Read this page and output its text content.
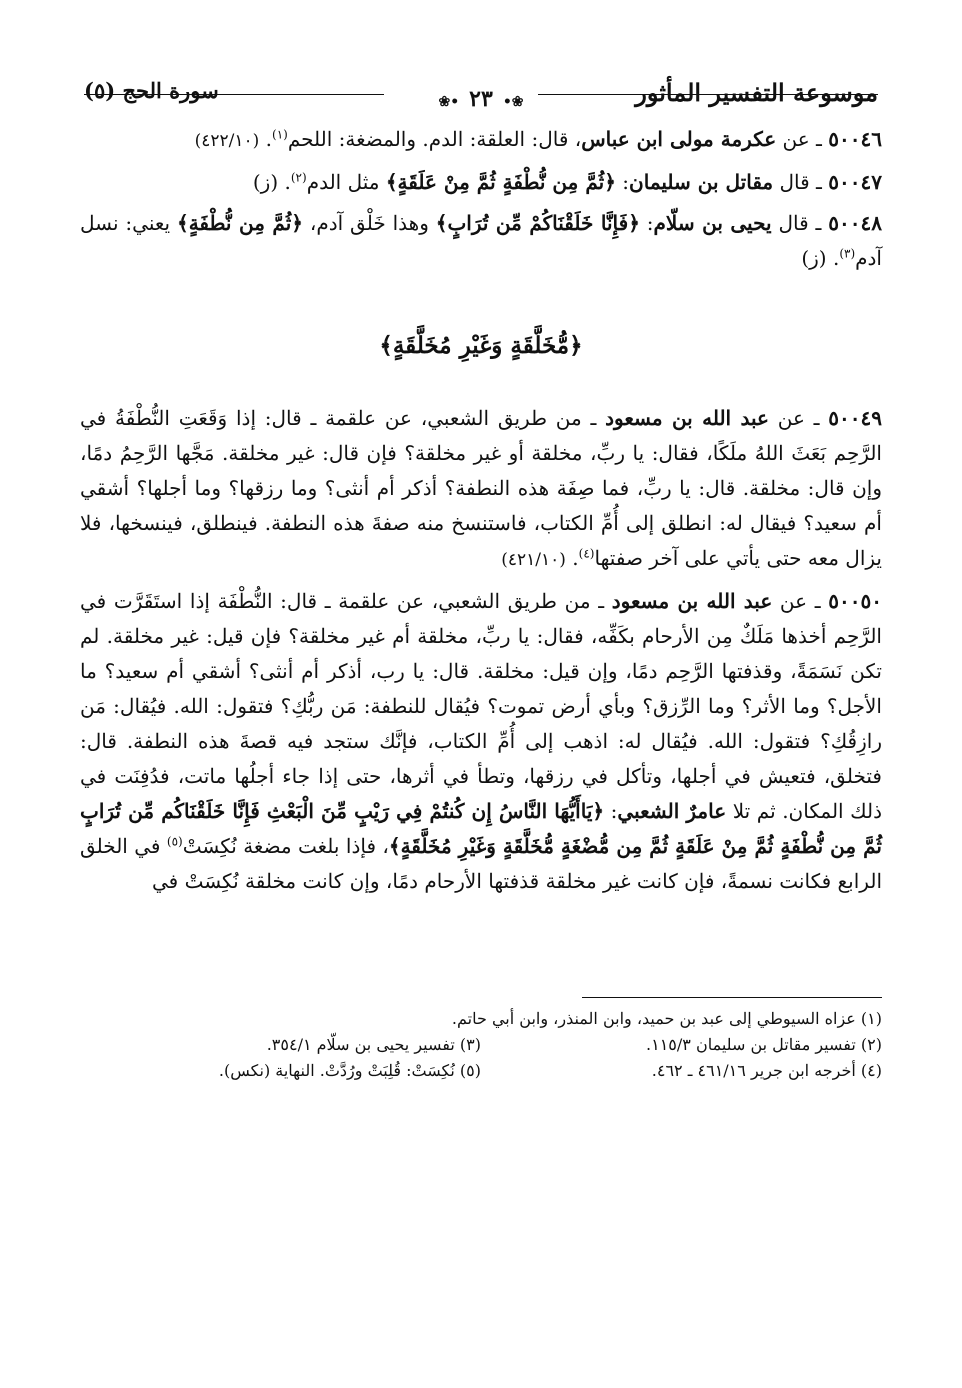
موسوعة التفسير المأثور
❀• ٢٣ •❀
سورة الحج (٥)

٥٠٠٤٦ ـ عن عكرمة مولى ابن عباس، قال: العلقة: الدم. والمضغة: اللحم$^{(١)}$. (٤٢٢/١٠)

٥٠٠٤٧ ـ قال مقاتل بن سليمان: ﴿ثُمَّ مِن نُّطْفَةٍ ثُمَّ مِنْ عَلَقَةٍ﴾ مثل الدم$^{(٢)}$. (ز)

٥٠٠٤٨ ـ قال يحيى بن سلّام: ﴿فَإِنَّا خَلَقْنَاكُمْ مِّن تُرَابٍ﴾ وهذا خَلْق آدم، ﴿ثُمَّ مِن نُّطْفَةٍ﴾ يعني: نسل آدم$^{(٣)}$. (ز)

﴿مُّخَلَّقَةٍ وَغَيْرِ مُخَلَّقَةٍ﴾

٥٠٠٤٩ ـ عن عبد الله بن مسعود ـ من طريق الشعبي، عن علقمة ـ قال: إذا وَقَعَتِ النُّطْفَةُ في الرَّحِم بَعَثَ اللهُ ملَكًا، فقال: يا ربِّ، مخلقة أو غير مخلقة؟ فإن قال: غير مخلقة. مَجَّها الرَّحِمُ دمًا، وإن قال: مخلقة. قال: يا ربِّ، فما صِفَة هذه النطفة؟ أذكر أم أنثى؟ وما رزقها؟ وما أجلها؟ أشقي أم سعيد؟ فيقال له: انطلق إلى أُمِّ الكتاب، فاستنسخ منه صفةَ هذه النطفة. فينطلق، فينسخها، فلا يزال معه حتى يأتي على آخر صفتها$^{(٤)}$. (٤٢١/١٠)

٥٠٠٥٠ ـ عن عبد الله بن مسعود ـ من طريق الشعبي، عن علقمة ـ قال: النُّطْفَة إذا استَقَرَّت في الرَّحِم أخذها مَلَكٌ مِن الأرحام بكَفِّه، فقال: يا ربِّ، مخلقة أم غير مخلقة؟ فإن قيل: غير مخلقة. لم تكن نَسَمَةً، وقذفتها الرَّحِم دمًا، وإن قيل: مخلقة. قال: يا رب، أذكر أم أنثى؟ أشقي أم سعيد؟ ما الأجل؟ وما الأثر؟ وما الرِّزق؟ وبأي أرض تموت؟ فيُقال للنطفة: مَن ربُّكِ؟ فتقول: الله. فيُقال: مَن رازِقُكِ؟ فتقول: الله. فيُقال له: اذهب إلى أُمِّ الكتاب، فإنَّك ستجد فيه قصةَ هذه النطفة. قال: فتخلق، فتعيش في أجلها، وتأكل في رزقها، وتطأ في أثرها، حتى إذا جاء أجلُها ماتت، فدُفِنَت في ذلك المكان. ثم تلا عامرٌ الشعبي: ﴿يَاأَيُّهَا النَّاسُ إِن كُنتُمْ فِي رَيْبٍ مِّنَ الْبَعْثِ فَإِنَّا خَلَقْنَاكُم مِّن تُرَابٍ ثُمَّ مِن نُّطْفَةٍ ثُمَّ مِنْ عَلَقَةٍ ثُمَّ مِن مُّضْغَةٍ مُّخَلَّقَةٍ وَغَيْرِ مُخَلَّقَةٍ﴾، فإذا بلغت مضغة نُكِسَتْ$^{(٥)}$ في الخلق الرابع فكانت نسمةً، فإن كانت غير مخلقة قذفتها الأرحام دمًا، وإن كانت مخلقة نُكِسَتْ في

(١) عزاه السيوطي إلى عبد بن حميد، وابن المنذر، وابن أبي حاتم.
(٢) تفسير مقاتل بن سليمان ١١٥/٣.
(٣) تفسير يحيى بن سلّام ٣٥٤/١.
(٤) أخرجه ابن جرير ٤٦١/١٦ ـ ٤٦٢.
(٥) نُكِسَتْ: قُلِبَتْ ورُدَّتْ. النهاية (نكس).
